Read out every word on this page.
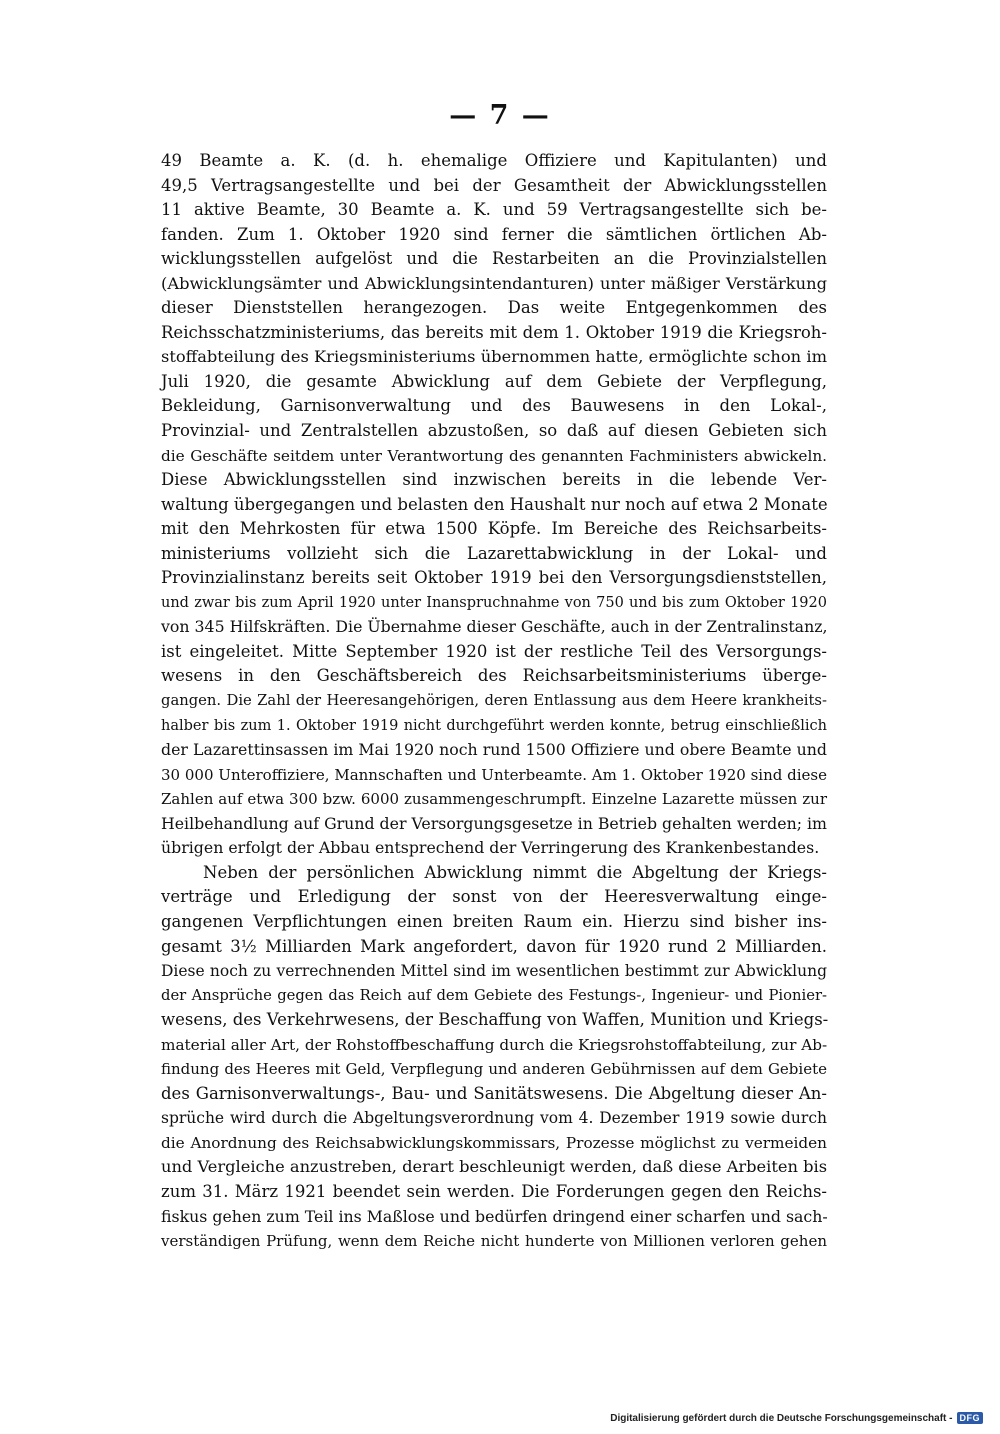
— 7 —
49 Beamte a. K. (d. h. ehemalige Offiziere und Kapitulanten) und
49,5 Vertragsangestellte und bei der Gesamtheit der Abwicklungsstellen
11 aktive Beamte, 30 Beamte a. K. und 59 Vertragsangestellte sich be-
fanden. Zum 1. Oktober 1920 sind ferner die sämtlichen örtlichen Ab-
wicklungsstellen aufgelöst und die Restarbeiten an die Provinzialstellen
(Abwicklungsämter und Abwicklungsintendanturen) unter mäßiger Verstärkung
dieser Dienststellen herangezogen. Das weite Entgegenkommen des
Reichsschatzministeriums, das bereits mit dem 1. Oktober 1919 die Kriegsroh-
stoffabteilung des Kriegsministeriums übernommen hatte, ermöglichte schon im
Juli 1920, die gesamte Abwicklung auf dem Gebiete der Verpflegung,
Bekleidung, Garnisonverwaltung und des Bauwesens in den Lokal-,
Provinzial- und Zentralstellen abzustoßen, so daß auf diesen Gebieten sich
die Geschäfte seitdem unter Verantwortung des genannten Fachministers abwickeln.
Diese Abwicklungsstellen sind inzwischen bereits in die lebende Ver-
waltung übergegangen und belasten den Haushalt nur noch auf etwa 2 Monate
mit den Mehrkosten für etwa 1500 Köpfe. Im Bereiche des Reichsarbeits-
ministeriums vollzieht sich die Lazarettabwicklung in der Lokal- und
Provinzialinstanz bereits seit Oktober 1919 bei den Versorgungsdienststellen,
und zwar bis zum April 1920 unter Inanspruchnahme von 750 und bis zum Oktober 1920
von 345 Hilfskräften. Die Übernahme dieser Geschäfte, auch in der Zentralinstanz,
ist eingeleitet. Mitte September 1920 ist der restliche Teil des Versorgungs-
wesens in den Geschäftsbereich des Reichsarbeitsministeriums überge-
gangen. Die Zahl der Heeresangehörigen, deren Entlassung aus dem Heere krankheits-
halber bis zum 1. Oktober 1919 nicht durchgeführt werden konnte, betrug einschließlich
der Lazarettinsassen im Mai 1920 noch rund 1500 Offiziere und obere Beamte und
30 000 Unteroffiziere, Mannschaften und Unterbeamte. Am 1. Oktober 1920 sind diese
Zahlen auf etwa 300 bzw. 6000 zusammengeschrumpft. Einzelne Lazarette müssen zur
Heilbehandlung auf Grund der Versorgungsgesetze in Betrieb gehalten werden; im
übrigen erfolgt der Abbau entsprechend der Verringerung des Krankenbestandes.
Neben der persönlichen Abwicklung nimmt die Abgeltung der Kriegs-
verträge und Erledigung der sonst von der Heeresverwaltung einge-
gangenen Verpflichtungen einen breiten Raum ein. Hierzu sind bisher ins-
gesamt 3½ Milliarden Mark angefordert, davon für 1920 rund 2 Milliarden.
Diese noch zu verrechnenden Mittel sind im wesentlichen bestimmt zur Abwicklung
der Ansprüche gegen das Reich auf dem Gebiete des Festungs-, Ingenieur- und Pionier-
wesens, des Verkehrwesens, der Beschaffung von Waffen, Munition und Kriegs-
material aller Art, der Rohstoffbeschaffung durch die Kriegsrohstoffabteilung, zur Ab-
findung des Heeres mit Geld, Verpflegung und anderen Gebührnissen auf dem Gebiete
des Garnisonverwaltungs-, Bau- und Sanitätswesens. Die Abgeltung dieser An-
sprüche wird durch die Abgeltungsverordnung vom 4. Dezember 1919 sowie durch
die Anordnung des Reichsabwicklungskommissars, Prozesse möglichst zu vermeiden
und Vergleiche anzustreben, derart beschleunigt werden, daß diese Arbeiten bis
zum 31. März 1921 beendet sein werden. Die Forderungen gegen den Reichs-
fiskus gehen zum Teil ins Maßlose und bedürfen dringend einer scharfen und sach-
verständigen Prüfung, wenn dem Reiche nicht hunderte von Millionen verloren gehen
Digitalisierung gefördert durch die Deutsche Forschungsgemeinschaft - DFG
